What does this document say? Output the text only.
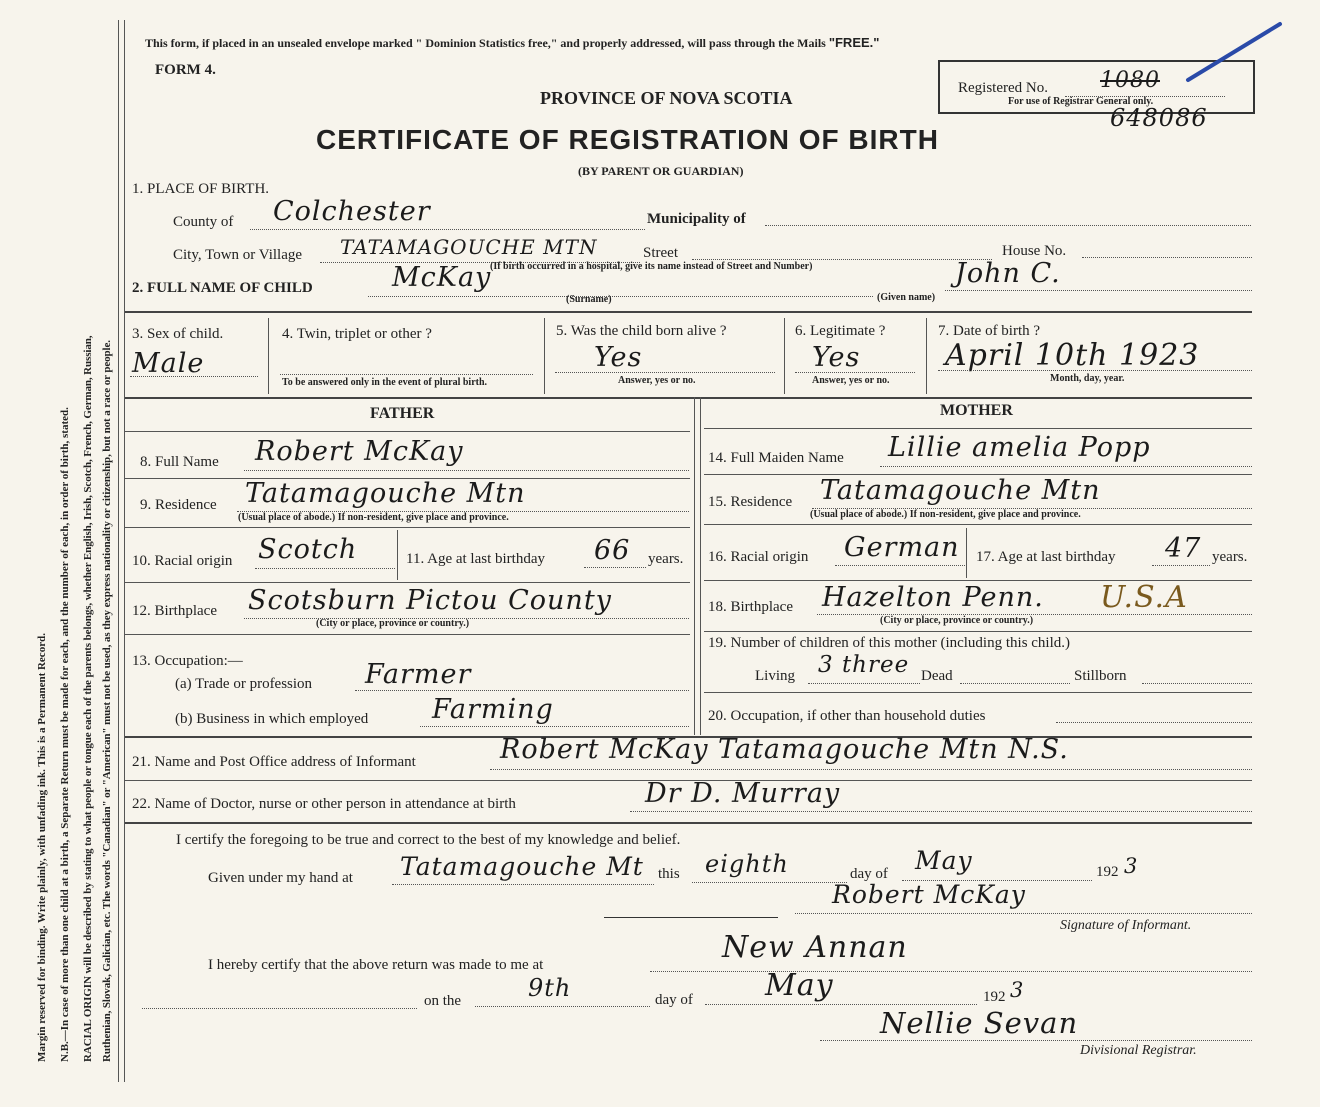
Margin reserved for binding. Write plainly, with unfading ink. This is a Permanent Record. N.B.—In case of more than one child at a birth, a Separate Return must be made for each, and the number of each, in order of birth, stated. RACIAL ORIGIN will be described by stating to what people or tongue each of the parents belongs, whether English, Irish, Scotch, French, German, Russian, Ruthenian, Slovak, Galician, etc. The words "Canadian" or "American" must not be used, as they express nationality or citizenship, but not a race or people.
This form, if placed in an unsealed envelope marked " Dominion Statistics free," and properly addressed, will pass through the Mails "FREE."
FORM 4.
PROVINCE OF NOVA SCOTIA
CERTIFICATE OF REGISTRATION OF BIRTH
(BY PARENT OR GUARDIAN)
Registered No. 1080
For use of Registrar General only.
648086
1. PLACE OF BIRTH.
County of Colchester	Municipality of
City, Town or Village TATAMAGOUCHE MTN	Street
(If birth occurred in a hospital, give its name instead of Street and Number)
House No.
2. FULL NAME OF CHILD	McKay
(Surname)	(Given name)
John C.
3. Sex of child.
Male
4. Twin, triplet or other ?
To be answered only in the event of plural birth.
5. Was the child born alive ?
Yes
Answer, yes or no.
6. Legitimate ?
Yes
Answer, yes or no.
7. Date of birth ?
April 10th 1923
Month, day, year.
FATHER	MOTHER
8. Full Name Robert McKay	14. Full Maiden Name Lillie amelia Popp
9. Residence Tatamagouche Mtn
(Usual place of abode.) If non-resident, give place and province.
15. Residence Tatamagouche Mtn
(Usual place of abode.) If non-resident, give place and province.
10. Racial origin Scotch	11. Age at last birthday 66 years. 16. Racial origin German 17. Age at last birthday 47 years.
12. Birthplace Scotsburn Pictou County
(City or place, province or country.)
18. Birthplace Hazelton Penn. U.S.A
(City or place, province or country.)
13. Occupation:—
(a) Trade or profession Farmer
(b) Business in which employed Farming
19. Number of children of this mother (including this child.)
Living 3 three Dead	Stillborn
20. Occupation, if other than household duties
21. Name and Post Office address of Informant	Robert McKay Tatamagouche Mtn N.S.
22. Name of Doctor, nurse or other person in attendance at birth	Dr D. Murray
I certify the foregoing to be true and correct to the best of my knowledge and belief.
Given under my hand at Tatamagouche Mt this eighth	day of May	192 3
Robert McKay
Signature of Informant.
I hereby certify that the above return was made to me at	New Annan
on the	9th	day of May	192 3
Nellie Sevan
Divisional Registrar.
